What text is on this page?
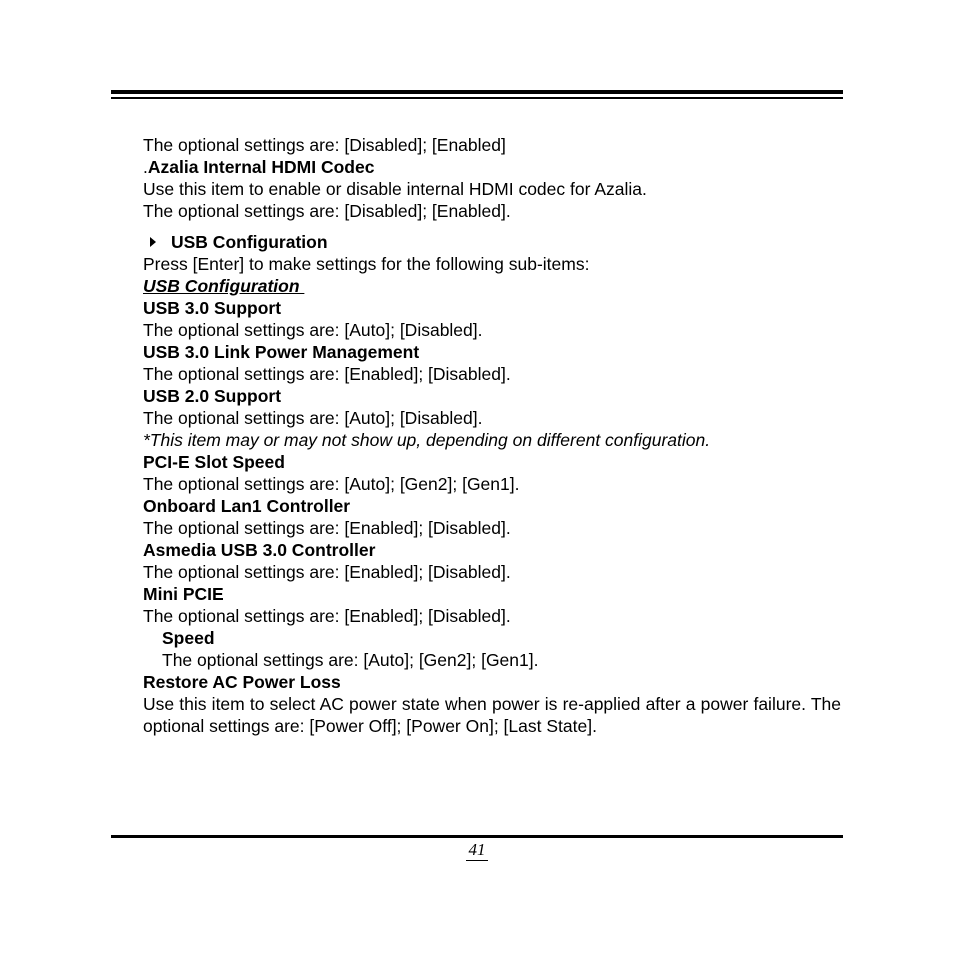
The optional settings are: [Disabled]; [Enabled]
.Azalia Internal HDMI Codec
Use this item to enable or disable internal HDMI codec for Azalia.
The optional settings are: [Disabled]; [Enabled].
USB Configuration
Press [Enter] to make settings for the following sub-items:
USB Configuration
USB 3.0 Support
The optional settings are: [Auto]; [Disabled].
USB 3.0 Link Power Management
The optional settings are: [Enabled]; [Disabled].
USB 2.0 Support
The optional settings are: [Auto]; [Disabled].
*This item may or may not show up, depending on different configuration.
PCI-E Slot Speed
The optional settings are: [Auto]; [Gen2]; [Gen1].
Onboard Lan1 Controller
The optional settings are: [Enabled]; [Disabled].
Asmedia USB 3.0 Controller
The optional settings are: [Enabled]; [Disabled].
Mini PCIE
The optional settings are: [Enabled]; [Disabled].
Speed
The optional settings are: [Auto]; [Gen2]; [Gen1].
Restore AC Power Loss
Use this item to select AC power state when power is re-applied after a power failure. The optional settings are: [Power Off]; [Power On]; [Last State].
41
